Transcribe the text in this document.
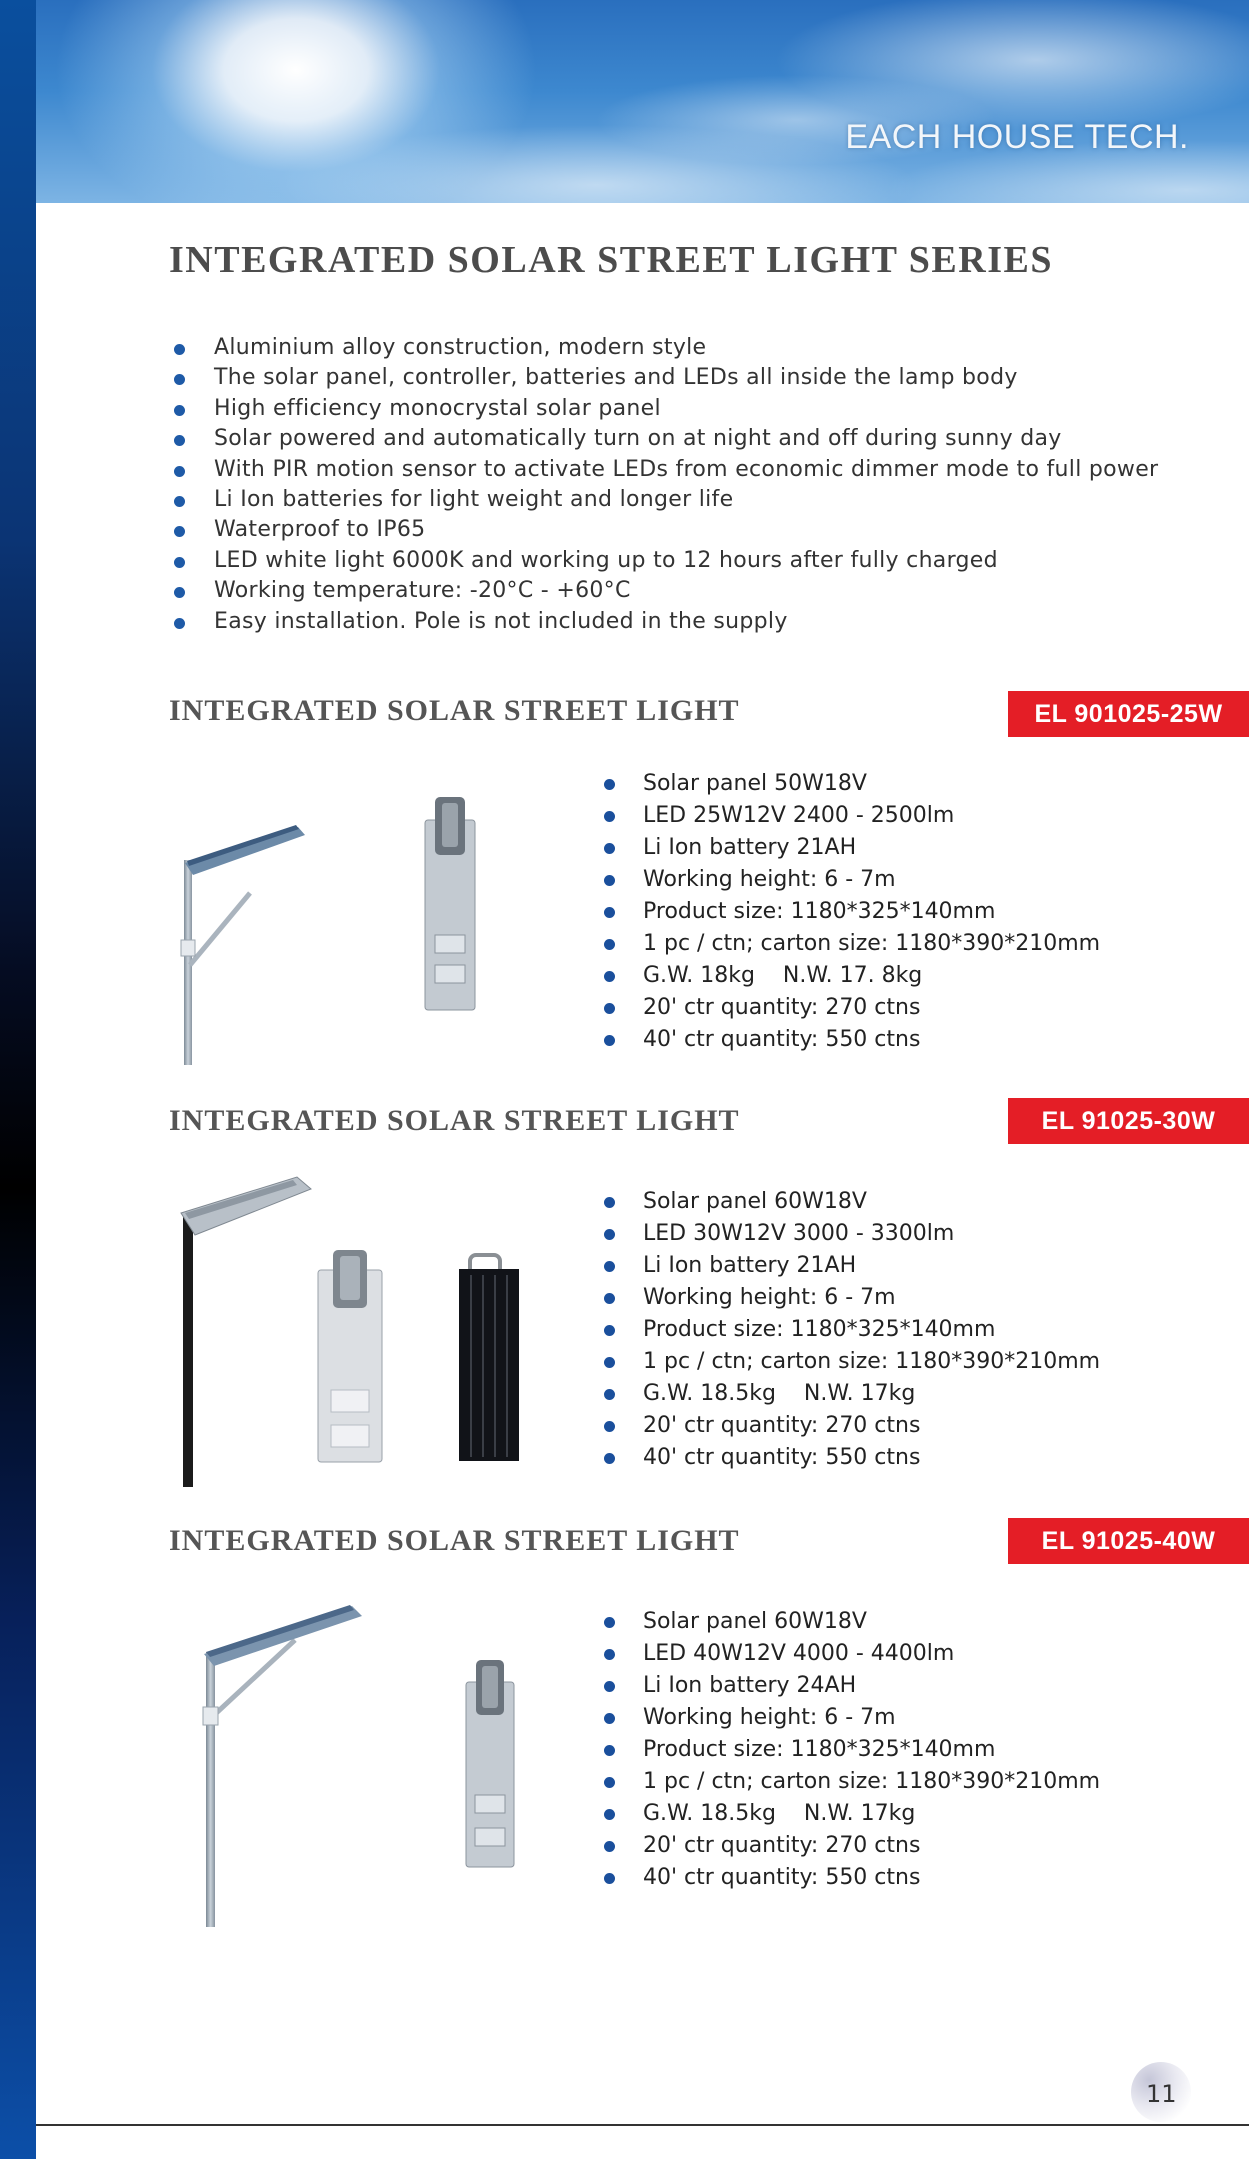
EACH HOUSE TECH.
INTEGRATED SOLAR STREET LIGHT SERIES
Aluminium alloy construction, modern style
The solar panel, controller, batteries and LEDs all inside the lamp body
High efficiency monocrystal solar panel
Solar powered and automatically turn on at night and off during sunny day
With PIR motion sensor to activate LEDs from economic dimmer mode to full power
Li Ion batteries for light weight and longer life
Waterproof to IP65
LED white light 6000K and working up to 12 hours after fully charged
Working temperature: -20°C - +60°C
Easy installation. Pole is not included in the supply
INTEGRATED SOLAR STREET LIGHT	EL 901025-25W
Solar panel 50W18V
LED 25W12V 2400 - 2500lm
Li Ion battery 21AH
Working height: 6 - 7m
Product size: 1180*325*140mm
1 pc / ctn; carton size: 1180*390*210mm
G.W. 18kg    N.W. 17. 8kg
20' ctr quantity: 270 ctns
40' ctr quantity: 550 ctns
INTEGRATED SOLAR STREET LIGHT	EL 91025-30W
Solar panel 60W18V
LED 30W12V 3000 - 3300lm
Li Ion battery 21AH
Working height: 6 - 7m
Product size: 1180*325*140mm
1 pc / ctn; carton size: 1180*390*210mm
G.W. 18.5kg    N.W. 17kg
20' ctr quantity: 270 ctns
40' ctr quantity: 550 ctns
INTEGRATED SOLAR STREET LIGHT	EL 91025-40W
Solar panel 60W18V
LED 40W12V 4000 - 4400lm
Li Ion battery 24AH
Working height: 6 - 7m
Product size: 1180*325*140mm
1 pc / ctn; carton size: 1180*390*210mm
G.W. 18.5kg    N.W. 17kg
20' ctr quantity: 270 ctns
40' ctr quantity: 550 ctns
11
